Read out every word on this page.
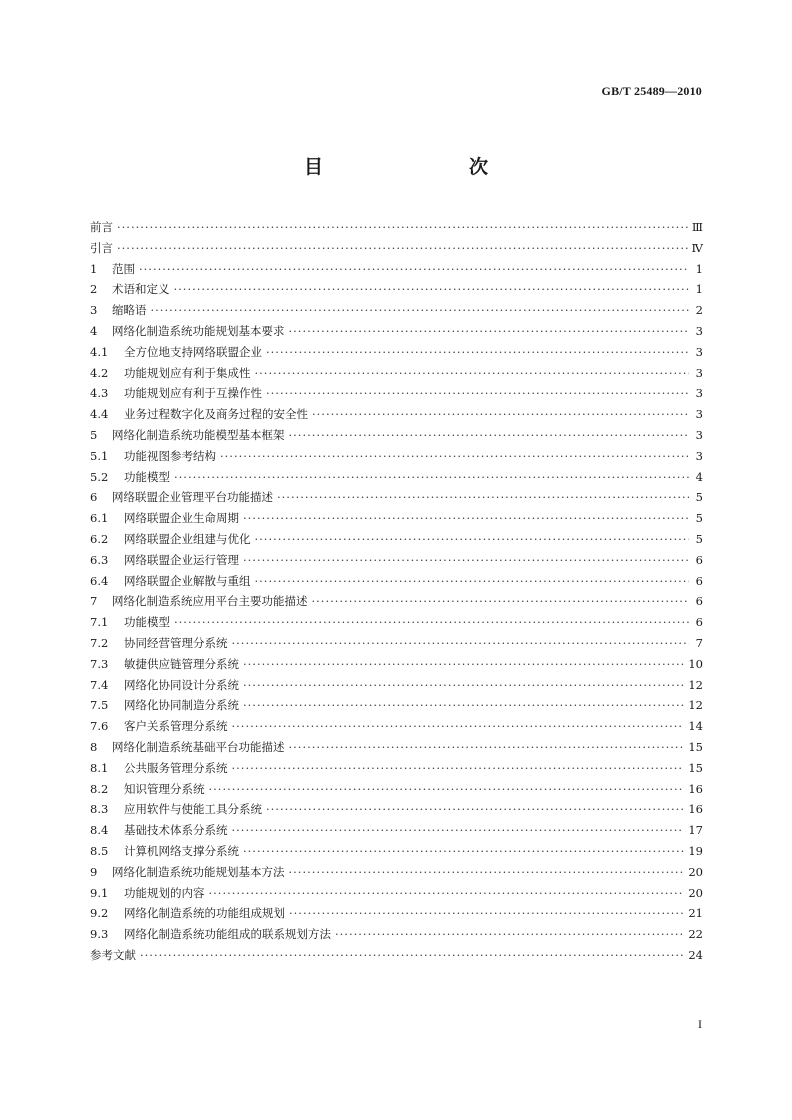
GB/T 25489—2010
目　　次
前言 ·····	Ⅲ
引言 ·····	Ⅳ
1	范围 ·····	1
2	术语和定义 ·····	1
3	缩略语 ·····	2
4	网络化制造系统功能规划基本要求 ·····	3
4.1	全方位地支持网络联盟企业 ·····	3
4.2	功能规划应有利于集成性 ·····	3
4.3	功能规划应有利于互操作性 ·····	3
4.4	业务过程数字化及商务过程的安全性 ·····	3
5	网络化制造系统功能模型基本框架 ·····	3
5.1	功能视图参考结构 ·····	3
5.2	功能模型 ·····	4
6	网络联盟企业管理平台功能描述 ·····	5
6.1	网络联盟企业生命周期 ·····	5
6.2	网络联盟企业组建与优化 ·····	5
6.3	网络联盟企业运行管理 ·····	6
6.4	网络联盟企业解散与重组 ·····	6
7	网络化制造系统应用平台主要功能描述 ·····	6
7.1	功能模型 ·····	6
7.2	协同经营管理分系统 ·····	7
7.3	敏捷供应链管理分系统 ·····	10
7.4	网络化协同设计分系统 ·····	12
7.5	网络化协同制造分系统 ·····	12
7.6	客户关系管理分系统 ·····	14
8	网络化制造系统基础平台功能描述 ·····	15
8.1	公共服务管理分系统 ·····	15
8.2	知识管理分系统 ·····	16
8.3	应用软件与使能工具分系统 ·····	16
8.4	基础技术体系分系统 ·····	17
8.5	计算机网络支撑分系统 ·····	19
9	网络化制造系统功能规划基本方法 ·····	20
9.1	功能规划的内容 ·····	20
9.2	网络化制造系统的功能组成规划 ·····	21
9.3	网络化制造系统功能组成的联系规划方法 ·····	22
参考文献 ·····	24
I
